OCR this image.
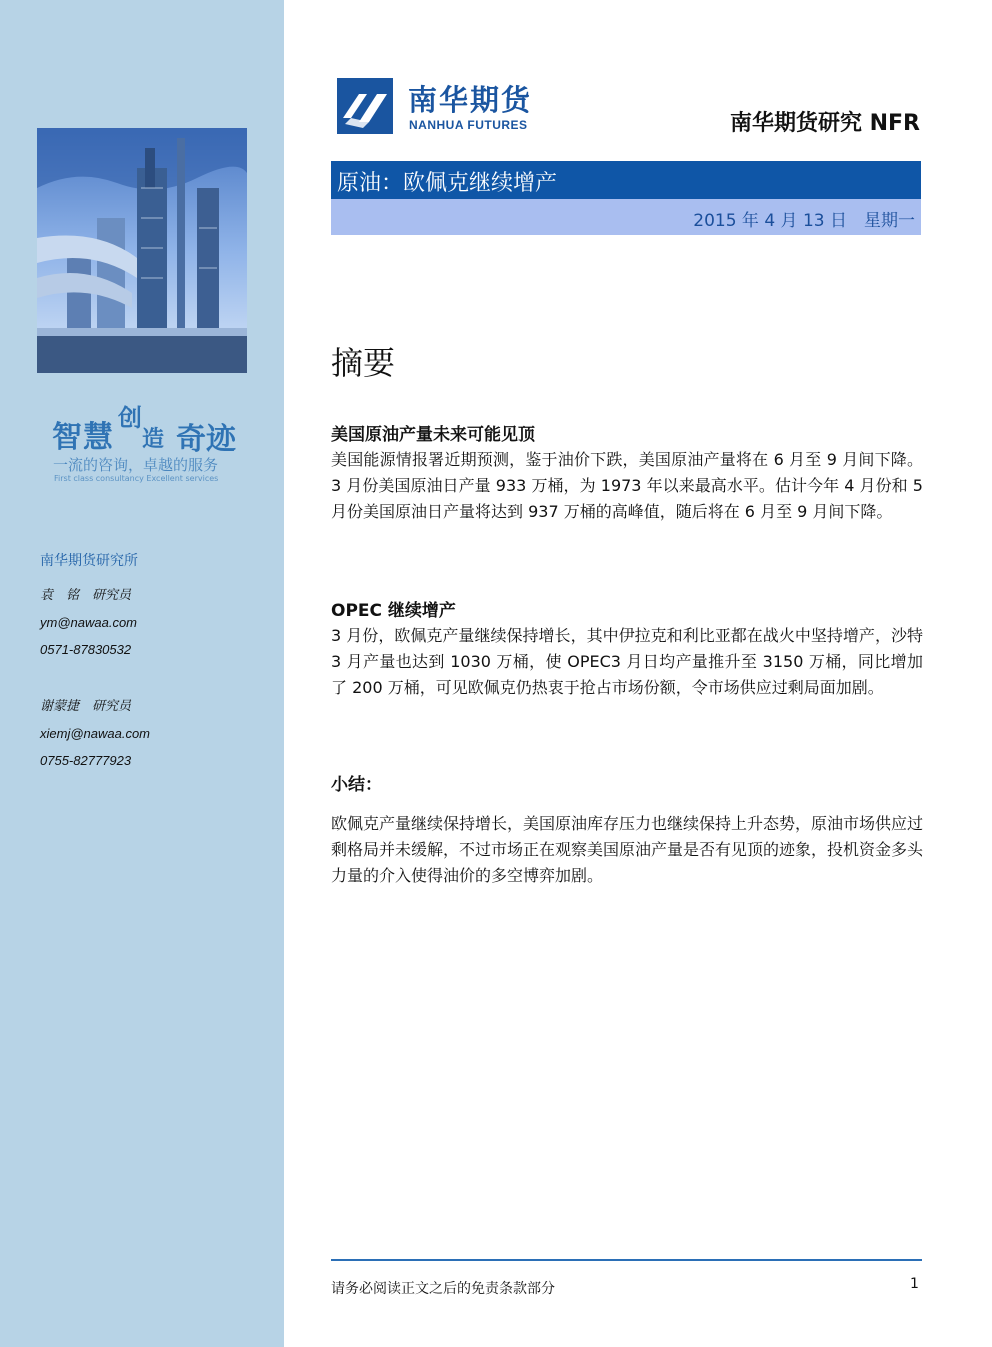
智慧
创
造 奇迹
一流的咨询，卓越的服务
First class consultancy Excellent services
南华期货研究所
袁　铭　研究员
ym@nawaa.com
0571-87830532
谢蒙捷　研究员
xiemj@nawaa.com
0755-82777923
南华期货
NANHUA FUTURES	南华期货研究 NFR
原油：欧佩克继续增产
2015 年 4 月 13 日　星期一
摘要
美国原油产量未来可能见顶

美国能源情报署近期预测，鉴于油价下跌，美国原油产量将在 6 月至 9 月间下降。3 月份美国原油日产量 933 万桶，为 1973 年以来最高水平。估计今年 4 月份和 5 月份美国原油日产量将达到 937 万桶的高峰值，随后将在 6 月至 9 月间下降。

OPEC 继续增产

3 月份，欧佩克产量继续保持增长，其中伊拉克和利比亚都在战火中坚持增产，沙特 3 月产量也达到 1030 万桶，使 OPEC3 月日均产量推升至 3150 万桶，同比增加了 200 万桶，可见欧佩克仍热衷于抢占市场份额，令市场供应过剩局面加剧。

小结：

欧佩克产量继续保持增长，美国原油库存压力也继续保持上升态势，原油市场供应过剩格局并未缓解，不过市场正在观察美国原油产量是否有见顶的迹象，投机资金多头力量的介入使得油价的多空博弈加剧。

请务必阅读正文之后的免责条款部分	1
